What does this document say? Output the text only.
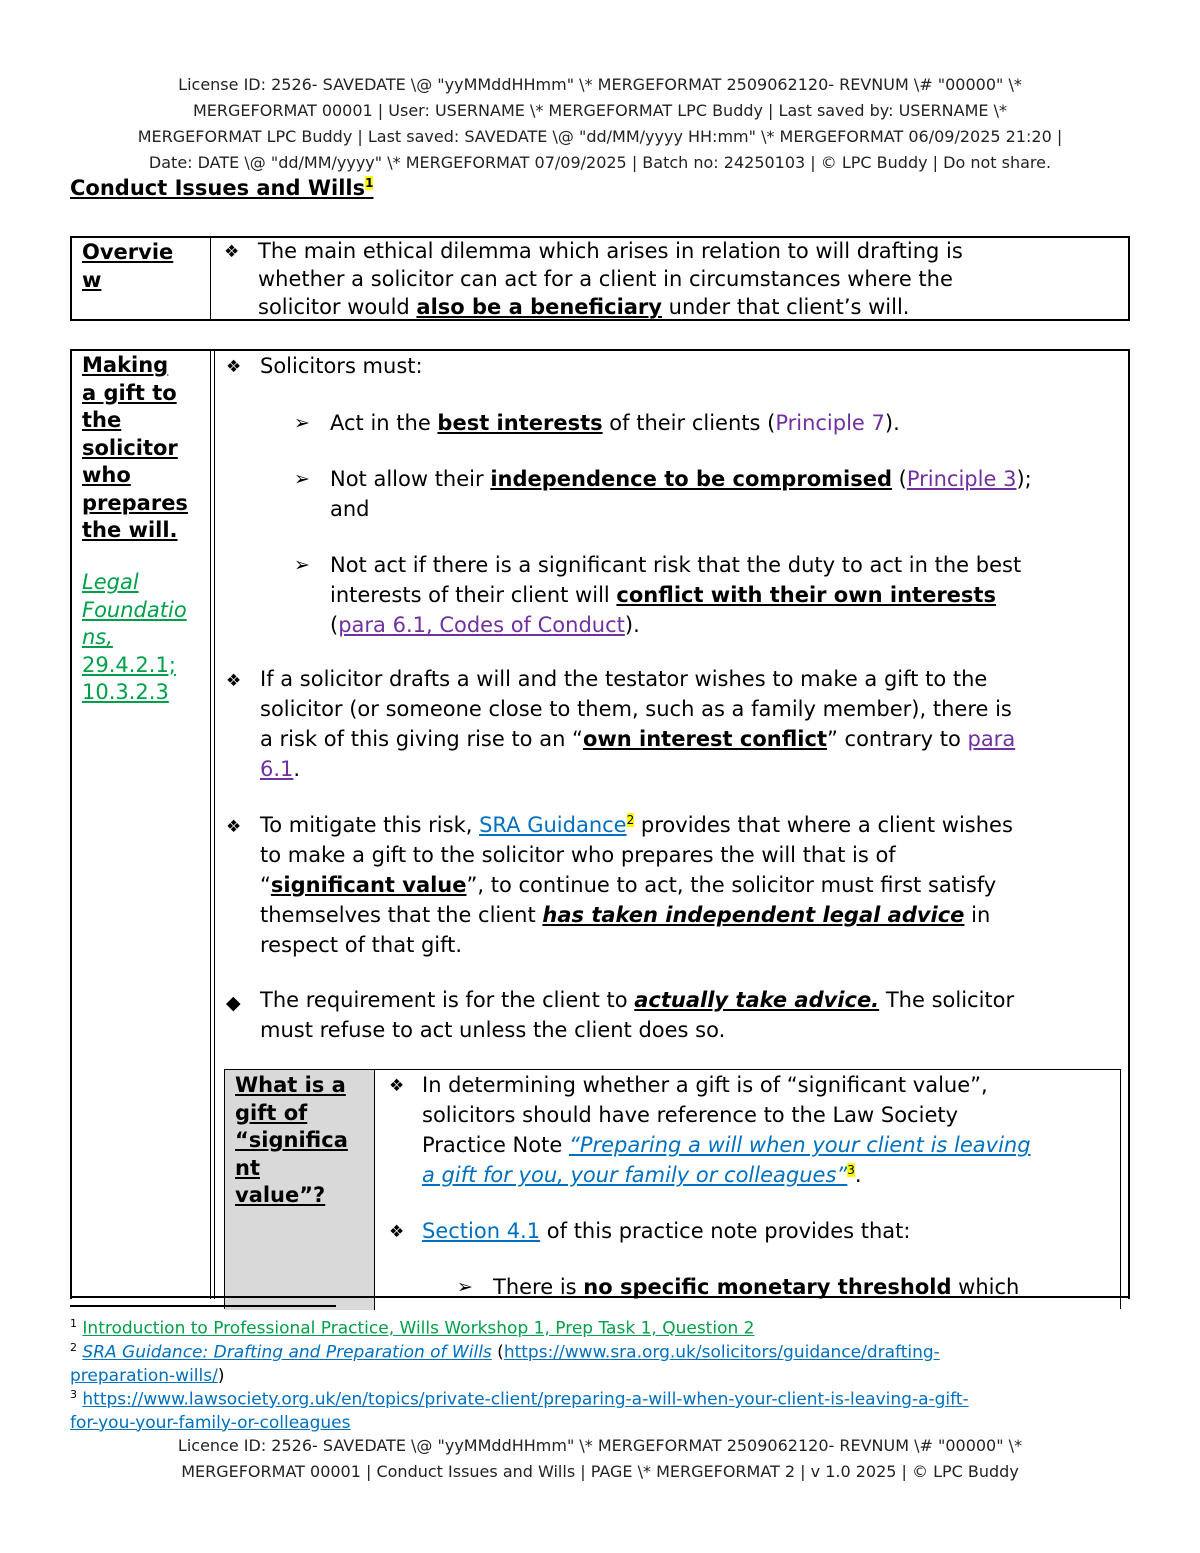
License ID: 2526- SAVEDATE \@ "yyMMddHHmm" \* MERGEFORMAT 2509062120- REVNUM \# "00000" \*
MERGEFORMAT 00001 | User: USERNAME \* MERGEFORMAT LPC Buddy | Last saved by: USERNAME \*
MERGEFORMAT LPC Buddy | Last saved: SAVEDATE \@ "dd/MM/yyyy HH:mm" \* MERGEFORMAT 06/09/2025 21:20 |
Date: DATE \@ "dd/MM/yyyy" \* MERGEFORMAT 07/09/2025 | Batch no: 24250103 | © LPC Buddy | Do not share.
Conduct Issues and Wills$^1$
Overvie
w
❖ The main ethical dilemma which arises in relation to will drafting is
whether a solicitor can act for a client in circumstances where the
solicitor would also be a beneficiary under that client’s will.
Making
a gift to
the
solicitor
who
prepares
the will.
Legal
Foundatio
ns,
29.4.2.1;
10.3.2.3
❖ Solicitors must:
➢ Act in the best interests of their clients (Principle 7).
➢ Not allow their independence to be compromised (Principle 3);
and
➢ Not act if there is a significant risk that the duty to act in the best
interests of their client will conflict with their own interests
(para 6.1, Codes of Conduct).
❖ If a solicitor drafts a will and the testator wishes to make a gift to the
solicitor (or someone close to them, such as a family member), there is
a risk of this giving rise to an “own interest conflict” contrary to para
6.1.
❖ To mitigate this risk, SRA Guidance$^2$ provides that where a client wishes
to make a gift to the solicitor who prepares the will that is of
“significant value”, to continue to act, the solicitor must first satisfy
themselves that the client has taken independent legal advice in
respect of that gift.
◆ The requirement is for the client to actually take advice. The solicitor
must refuse to act unless the client does so.
What is a
gift of
“significa
nt
value”?
❖ In determining whether a gift is of “significant value”,
solicitors should have reference to the Law Society
Practice Note “Preparing a will when your client is leaving
a gift for you, your family or colleagues”$^3$.
❖ Section 4.1 of this practice note provides that:
➢ There is no specific monetary threshold which
$^1$ Introduction to Professional Practice, Wills Workshop 1, Prep Task 1, Question 2
$^2$ SRA Guidance: Drafting and Preparation of Wills (https://www.sra.org.uk/solicitors/guidance/drafting-
preparation-wills/)
$^3$ https://www.lawsociety.org.uk/en/topics/private-client/preparing-a-will-when-your-client-is-leaving-a-gift-
for-you-your-family-or-colleagues
Licence ID: 2526- SAVEDATE \@ "yyMMddHHmm" \* MERGEFORMAT 2509062120- REVNUM \# "00000" \*
MERGEFORMAT 00001 | Conduct Issues and Wills | PAGE \* MERGEFORMAT 2 | v 1.0 2025 | © LPC Buddy
